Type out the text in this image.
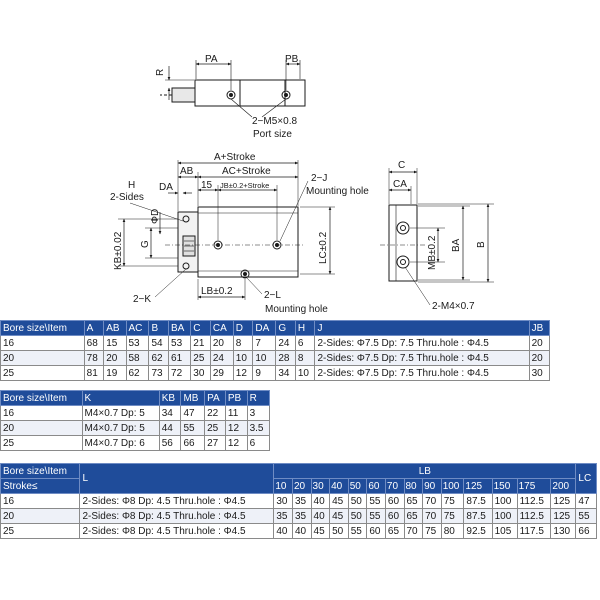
PA	PB
R
2−M5×0.8
Port size
A+Stroke
AB	AC+Stroke
DA
H
2-Sides
15 JB±0.2+Stroke
2−J
Mounting hole
ΦD
KB±0.02 G	LC±0.2
2−K
LB±0.2	2−L
Mounting hole
C
CA
MB±0.2 BA B
2-M4×0.7
Bore size\Item	A	AB	AC	B	BA	C	CA	D	DA	G	H	J	JB
16	68	15	53	54	53	21	20	8	7	24	6	2-Sides: Φ7.5 Dp: 7.5 Thru.hole : Φ4.5	20
20	78	20	58	62	61	25	24	10	10	28	8	2-Sides: Φ7.5 Dp: 7.5 Thru.hole : Φ4.5	20
25	81	19	62	73	72	30	29	12	9	34	10	2-Sides: Φ7.5 Dp: 7.5 Thru.hole : Φ4.5	30
Bore size\Item	K	KB	MB	PA	PB	R
16	M4×0.7 Dp: 5	34	47	22	11	3
20	M4×0.7 Dp: 5	44	55	25	12	3.5
25	M4×0.7 Dp: 6	56	66	27	12	6
Bore size\Item	L	LB														LC
Stroke≤		10	20	30	40	50	60	70	80	90	100	125	150	175	200	
16	2-Sides: Φ8 Dp: 4.5 Thru.hole : Φ4.5	30	35	40	45	50	55	60	65	70	75	87.5	100	112.5	125	47
20	2-Sides: Φ8 Dp: 4.5 Thru.hole : Φ4.5	35	35	40	45	50	55	60	65	70	75	87.5	100	112.5	125	55
25	2-Sides: Φ8 Dp: 4.5 Thru.hole : Φ4.5	40	40	45	50	55	60	65	70	75	80	92.5	105	117.5	130	66
